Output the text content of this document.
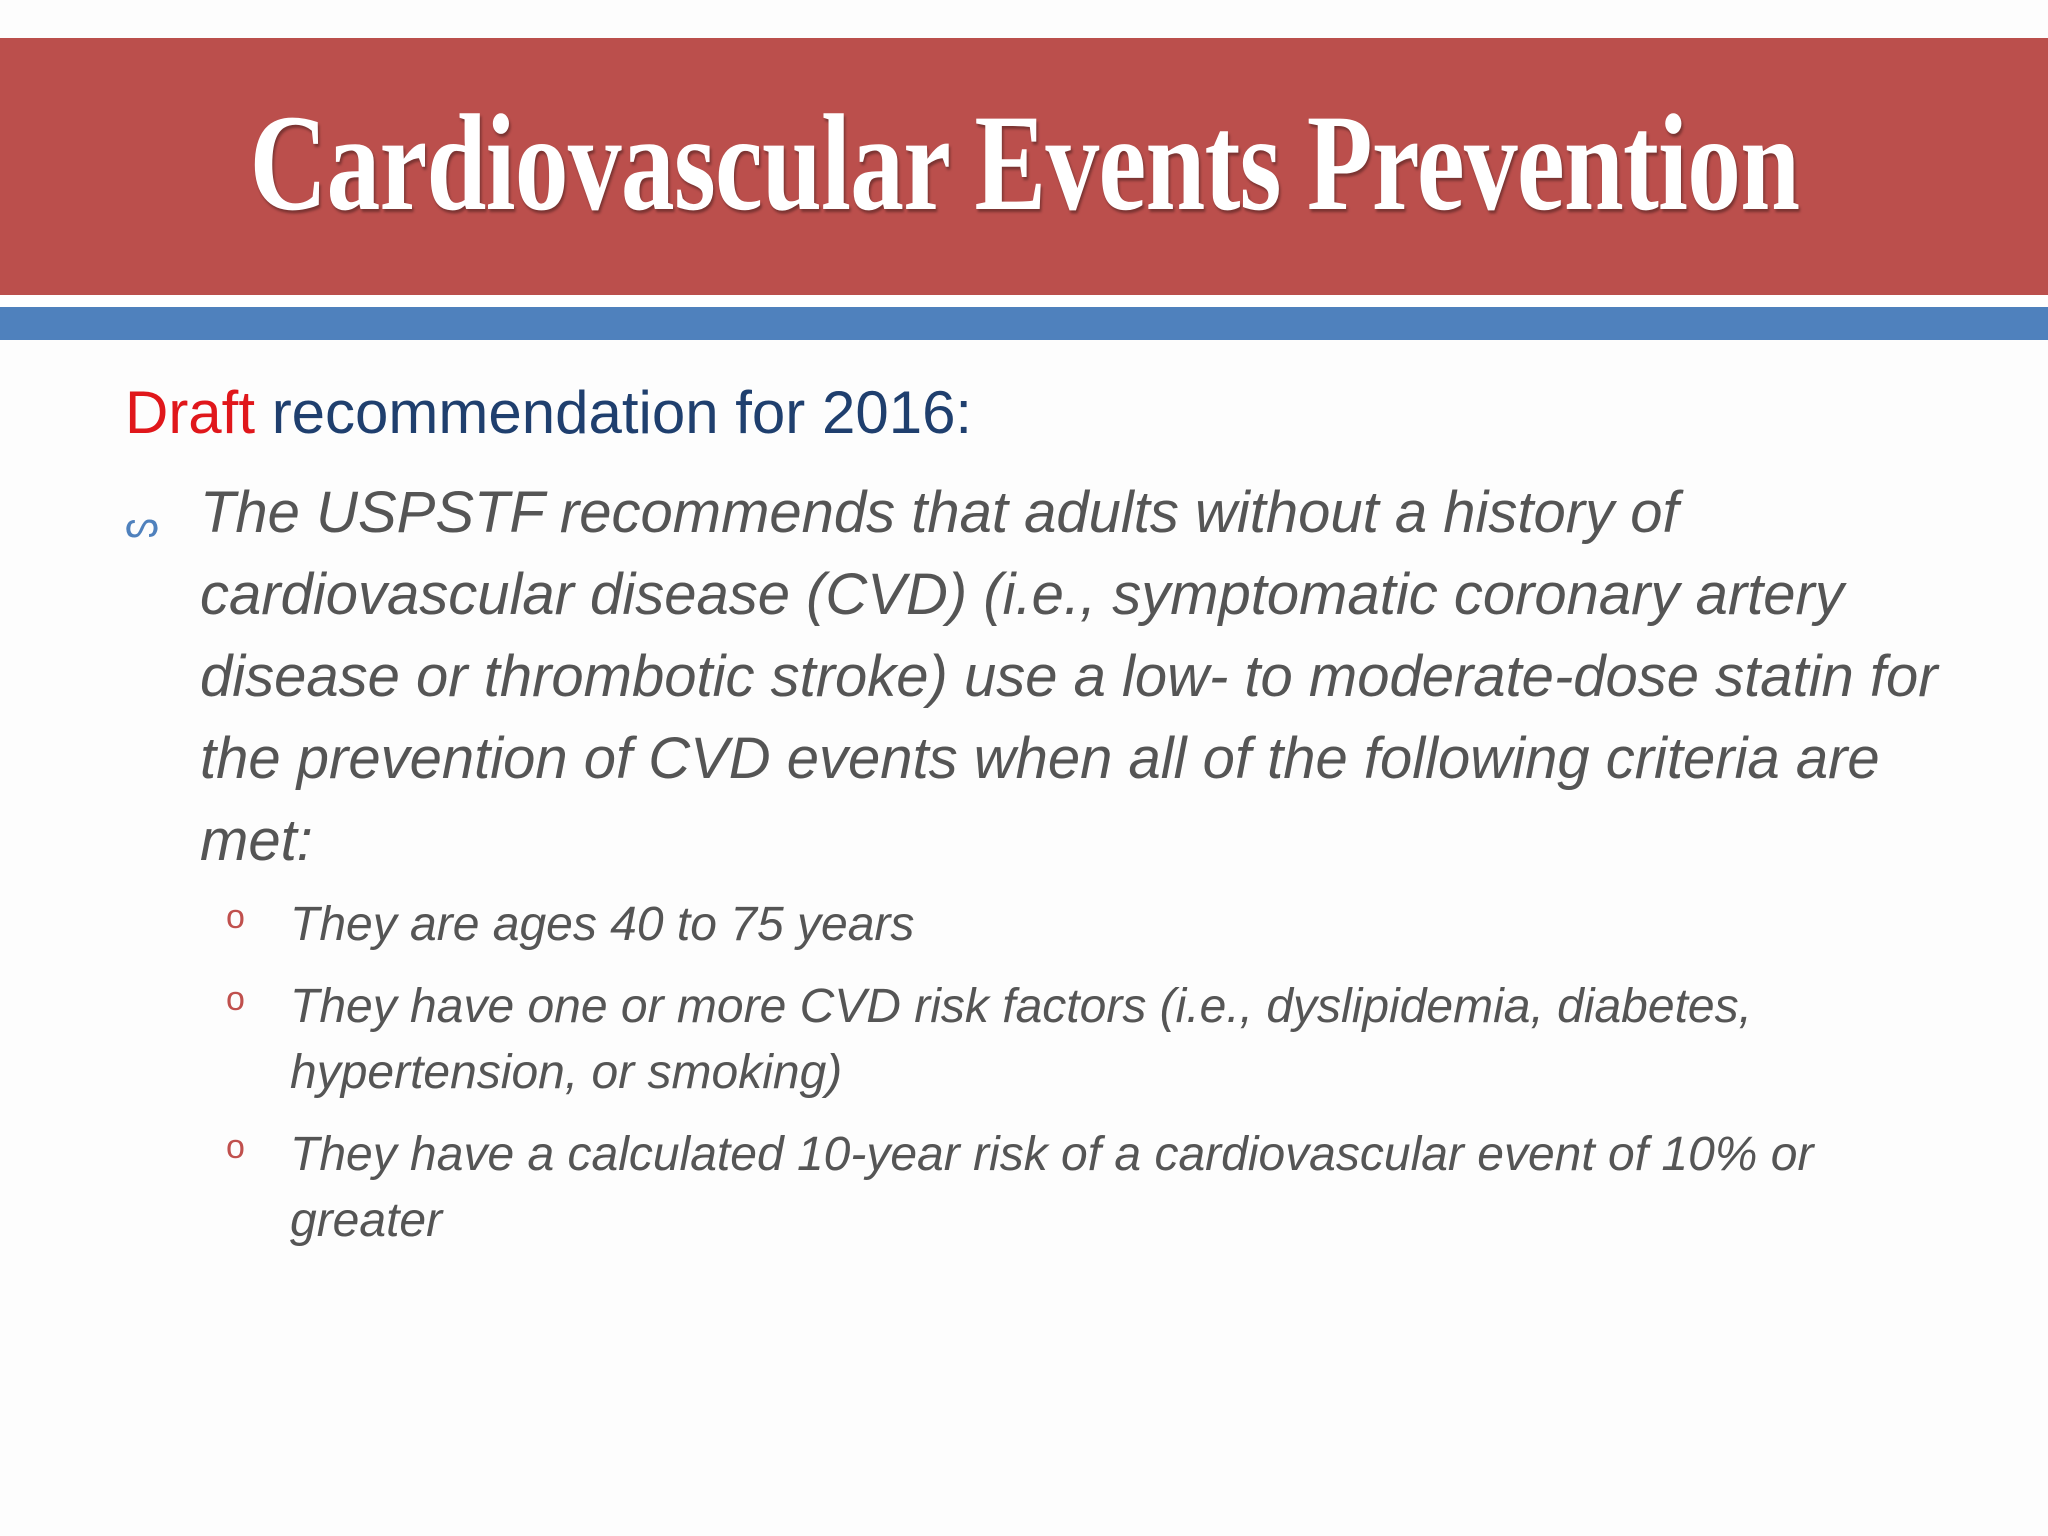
Cardiovascular Events Prevention
Draft recommendation for 2016:
ᔕ The USPSTF recommends that adults without a history of cardiovascular disease (CVD) (i.e., symptomatic coronary artery disease or thrombotic stroke) use a low- to moderate-dose statin for the prevention of CVD events when all of the following criteria are met:
o They are ages 40 to 75 years
o They have one or more CVD risk factors (i.e., dyslipidemia, diabetes, hypertension, or smoking)
o They have a calculated 10-year risk of a cardiovascular event of 10% or greater
